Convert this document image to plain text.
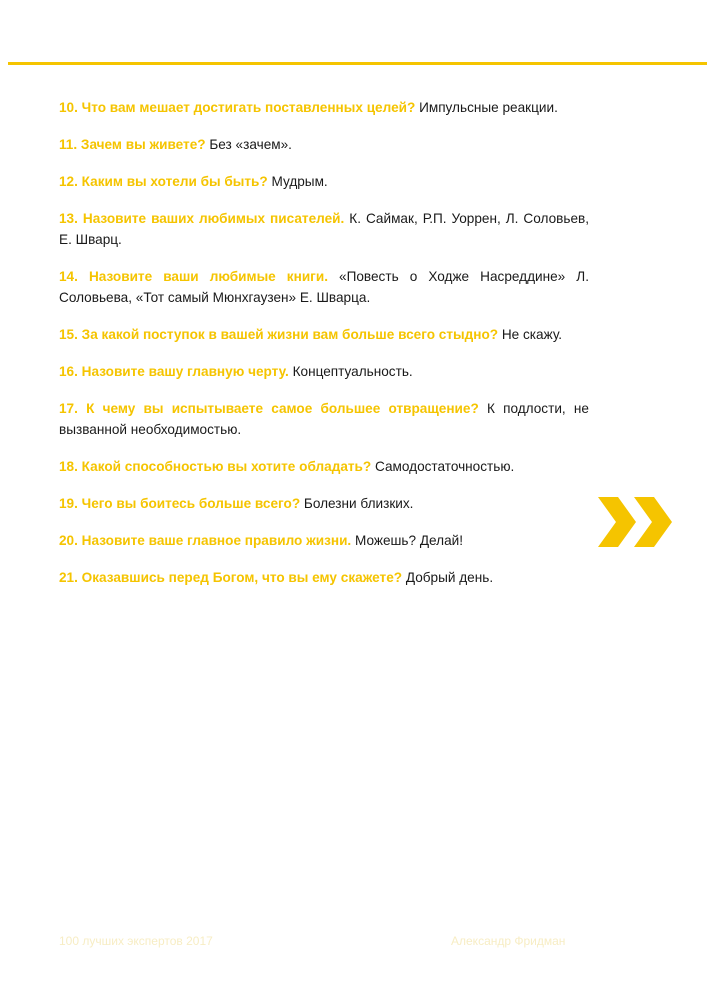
10. Что вам мешает достигать поставленных целей? Импульсные реакции.
11. Зачем вы живете? Без «зачем».
12. Каким вы хотели бы быть? Мудрым.
13. Назовите ваших любимых писателей. К. Саймак, Р.П. Уоррен, Л. Соловьев, Е. Шварц.
14. Назовите ваши любимые книги. «Повесть о Ходже Насреддине» Л. Соловьева, «Тот самый Мюнхгаузен» Е. Шварца.
15. За какой поступок в вашей жизни вам больше всего стыдно? Не скажу.
16. Назовите вашу главную черту. Концептуальность.
17. К чему вы испытываете самое большее отвращение? К подлости, не вызванной необходимостью.
18. Какой способностью вы хотите обладать? Самодостаточностью.
19. Чего вы боитесь больше всего? Болезни близких.
20. Назовите ваше главное правило жизни. Можешь? Делай!
21. Оказавшись перед Богом, что вы ему скажете? Добрый день.
100 лучших экспертов 2017	Александр Фридман
